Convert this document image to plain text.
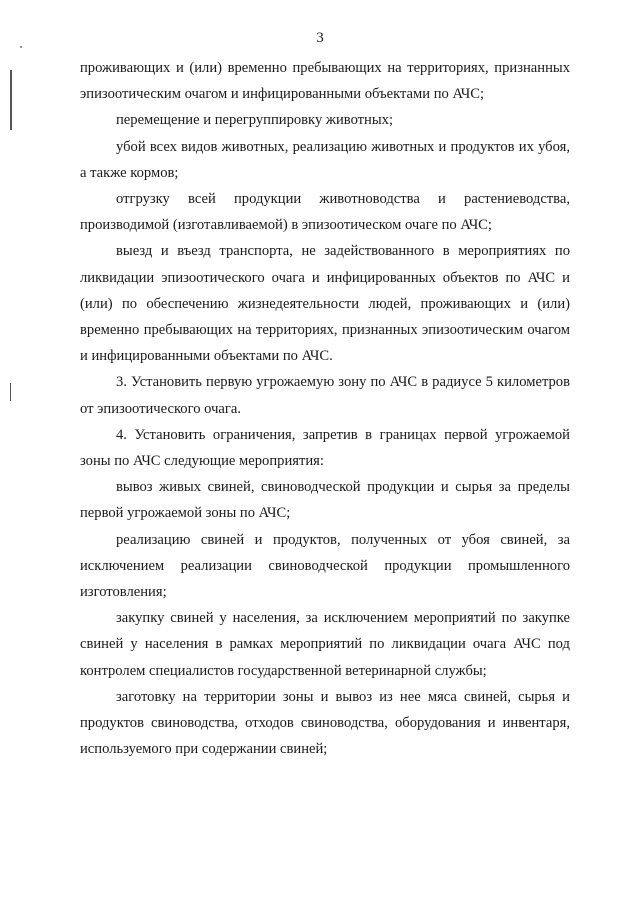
3

проживающих и (или) временно пребывающих на территориях, признанных эпизоотическим очагом и инфицированными объектами по АЧС;

перемещение и перегруппировку животных;

убой всех видов животных, реализацию животных и продуктов их убоя, а также кормов;

отгрузку всей продукции животноводства и растениеводства, производимой (изготавливаемой) в эпизоотическом очаге по АЧС;

выезд и въезд транспорта, не задействованного в мероприятиях по ликвидации эпизоотического очага и инфицированных объектов по АЧС и (или) по обеспечению жизнедеятельности людей, проживающих и (или) временно пребывающих на территориях, признанных эпизоотическим очагом и инфицированными объектами по АЧС.

3. Установить первую угрожаемую зону по АЧС в радиусе 5 километров от эпизоотического очага.

4. Установить ограничения, запретив в границах первой угрожаемой зоны по АЧС следующие мероприятия:

вывоз живых свиней, свиноводческой продукции и сырья за пределы первой угрожаемой зоны по АЧС;

реализацию свиней и продуктов, полученных от убоя свиней, за исключением реализации свиноводческой продукции промышленного изготовления;

закупку свиней у населения, за исключением мероприятий по закупке свиней у населения в рамках мероприятий по ликвидации очага АЧС под контролем специалистов государственной ветеринарной службы;

заготовку на территории зоны и вывоз из нее мяса свиней, сырья и продуктов свиноводства, отходов свиноводства, оборудования и инвентаря, используемого при содержании свиней;
